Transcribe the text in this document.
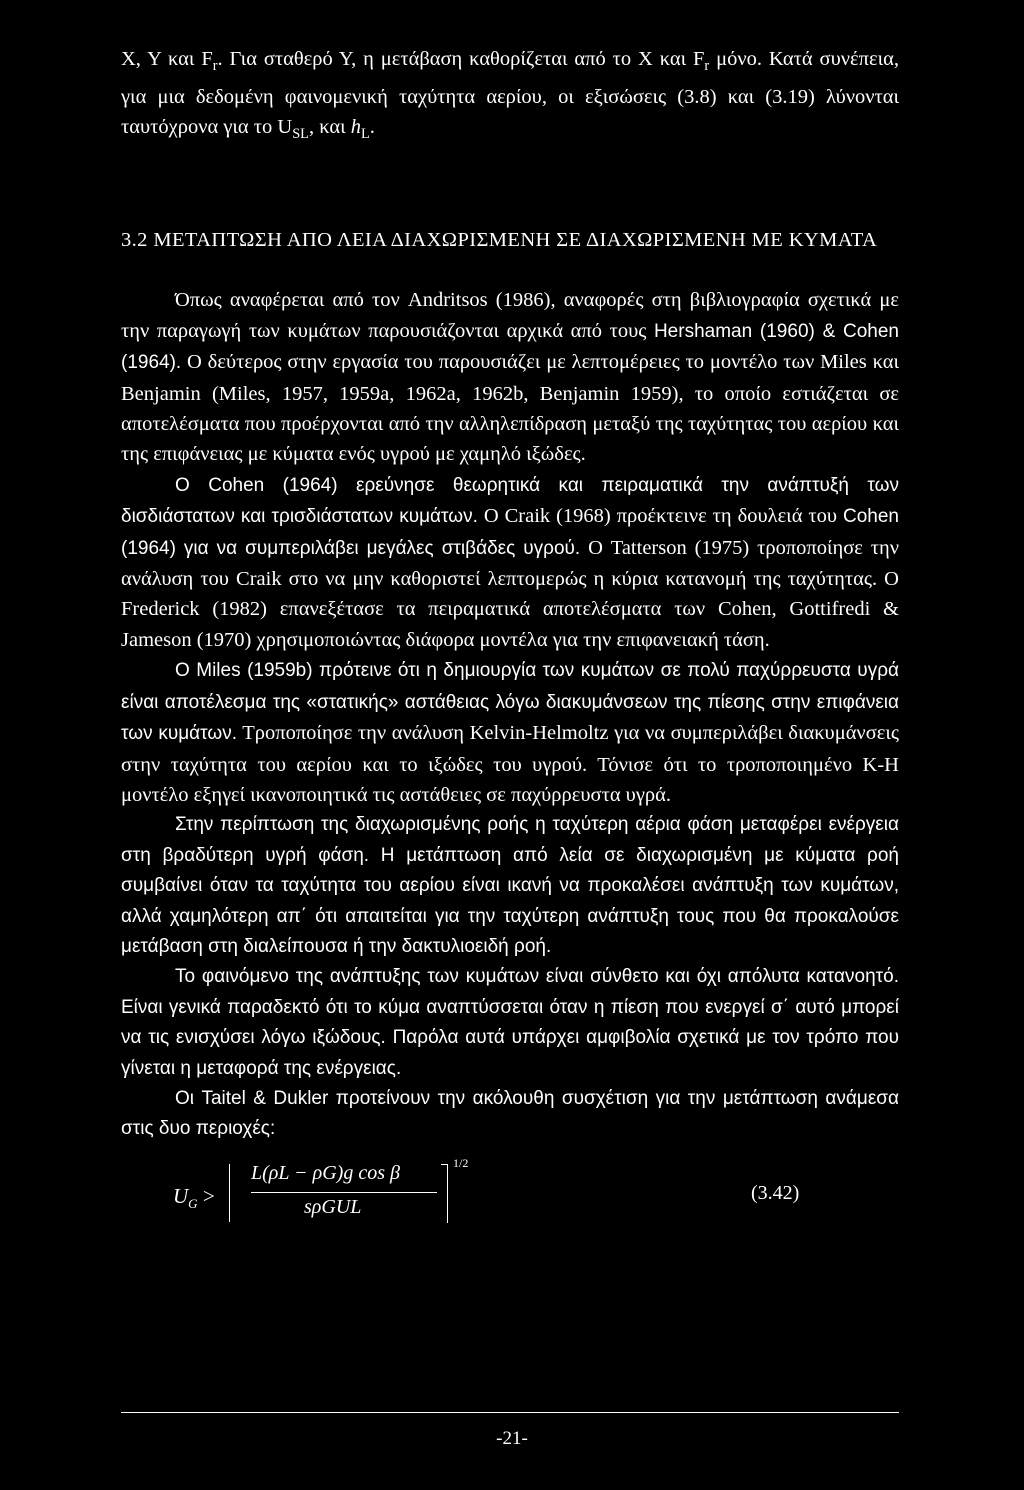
Χ, Υ και $F_r$. Για σταθερό Υ, η μετάβαση καθορίζεται από το Χ και $F_r$ μόνο. Κατά συνέπεια, για μια δεδομένη φαινομενική ταχύτητα αερίου, οι εξισώσεις (3.8) και (3.19) λύνονται ταυτόχρονα για το $U_{SL}$, και $h_L$.

3.2 ΜΕΤΑΠΤΩΣΗ ΑΠΟ ΛΕΙΑ ΔΙΑΧΩΡΙΣΜΕΝΗ ΣΕ ΔΙΑΧΩΡΙΣΜΕΝΗ ΜΕ ΚΥΜΑΤΑ

Όπως αναφέρεται από τον Andritsos (1986), αναφορές στη βιβλιογραφία σχετικά με την παραγωγή των κυμάτων παρουσιάζονται αρχικά από τους Hershaman (1960) & Cohen (1964). Ο δεύτερος στην εργασία του παρουσιάζει με λεπτομέρειες το μοντέλο των Miles και Benjamin (Miles, 1957, 1959a, 1962a, 1962b, Benjamin 1959), το οποίο εστιάζεται σε αποτελέσματα που προέρχονται από την αλληλεπίδραση μεταξύ της ταχύτητας του αερίου και της επιφάνειας με κύματα ενός υγρού με χαμηλό ιξώδες.

Ο Cohen (1964) ερεύνησε θεωρητικά και πειραματικά την ανάπτυξή των δισδιάστατων και τρισδιάστατων κυμάτων. Ο Craik (1968) προέκτεινε τη δουλειά του Cohen (1964) για να συμπεριλάβει μεγάλες στιβάδες υγρού. Ο Tatterson (1975) τροποποίησε την ανάλυση του Craik στο να μην καθοριστεί λεπτομερώς η κύρια κατανομή της ταχύτητας. Ο Frederick (1982) επανεξέτασε τα πειραματικά αποτελέσματα των Cohen, Gottifredi & Jameson (1970) χρησιμοποιώντας διάφορα μοντέλα για την επιφανειακή τάση.

Ο Miles (1959b) πρότεινε ότι η δημιουργία των κυμάτων σε πολύ παχύρρευστα υγρά είναι αποτέλεσμα της «στατικής» αστάθειας λόγω διακυμάνσεων της πίεσης στην επιφάνεια των κυμάτων. Τροποποίησε την ανάλυση Kelvin-Helmoltz για να συμπεριλάβει διακυμάνσεις στην ταχύτητα του αερίου και το ιξώδες του υγρού. Τόνισε ότι το τροποποιημένο K-H μοντέλο εξηγεί ικανοποιητικά τις αστάθειες σε παχύρρευστα υγρά.

Στην περίπτωση της διαχωρισμένης ροής η ταχύτερη αέρια φάση μεταφέρει ενέργεια στη βραδύτερη υγρή φάση. Η μετάπτωση από λεία σε διαχωρισμένη με κύματα ροή συμβαίνει όταν τα ταχύτητα του αερίου είναι ικανή να προκαλέσει ανάπτυξη των κυμάτων, αλλά χαμηλότερη απ΄ ότι απαιτείται για την ταχύτερη ανάπτυξη τους που θα προκαλούσε μετάβαση στη διαλείπουσα ή την δακτυλιοειδή ροή.

Το φαινόμενο της ανάπτυξης των κυμάτων είναι σύνθετο και όχι απόλυτα κατανοητό. Είναι γενικά παραδεκτό ότι το κύμα αναπτύσσεται όταν η πίεση που ενεργεί σ΄ αυτό μπορεί να τις ενισχύσει λόγω ιξώδους. Παρόλα αυτά υπάρχει αμφιβολία σχετικά με τον τρόπο που γίνεται η μεταφορά της ενέργειας.

Οι Taitel & Dukler προτείνουν την ακόλουθη συσχέτιση για την μετάπτωση ανάμεσα στις δυο περιοχές:

$U_G$ >
L(ρL − ρG)g cos β
sρGUL
1/2
(3.42)
-21-
